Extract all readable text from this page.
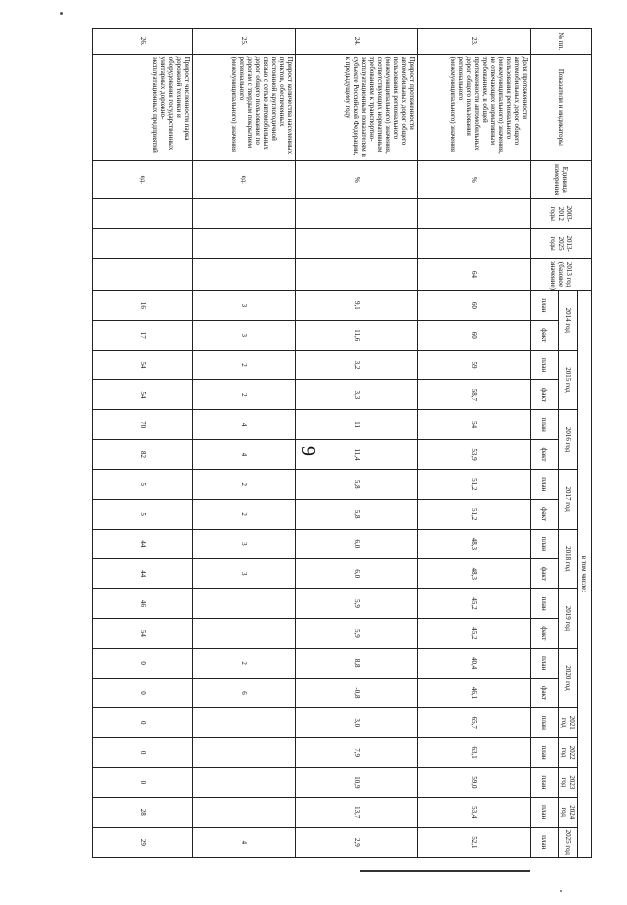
9
№ пп.	Показатели и индикаторы	Единица измерения	2003-2012 годы	2013-2025 годы	2013 год (базовое значение)	в том числе:																		
						2014 год		2015 год		2016 год		2017 год		2018 год		2019 год		2020 год		2021 год	2022 год	2023 год	2024 год	2025 год
						план	факт	план	факт	план	факт	план	факт	план	факт	план	факт	план	факт	план	план	план	план	план
23.	Доля протяженности автомобильных дорог общего пользования регионального (межмуниципального) значения, не отвечающих нормативным требованиям, в общей протяженности автомобильных дорог общего пользования регионального (межмуниципального) значения	%			64	60	60	59	58,7	54	53,9	51,2	51,2	48,3	48,3	45,2	45,2	40,4	46,1	65,7	63,1	59,0	53,4	52,1
24.	Прирост протяженности автомобильных дорог общего пользования регионального (межмуниципального) значения, соответствующих нормативным требованиям к транспортно-эксплуатационным показателям в субъекте Российской Федерации, к предыдущему году	%				9,1	11,6	3,2	3,3	11	11,4	5,8	5,8	6,0	6,0	5,9	5,9	8,8	-0,8	3,0	7,9	10,9	13,7	2,9
25.	Прирост количества населенных пунктов, обеспеченных постоянной круглогодичной связью с сетью автомобильных дорог общего пользования по дорогам с твердым покрытием регионального (межмуниципального) значения	ед.				3	3	2	2	4	4	2	2	3	3			2	6					4
26.	Прирост численности парка дорожной техники и оборудования государственных унитарных дорожно-эксплуатационных предприятий	ед.				16	17	54	54	70	82	5	5	44	44	46	54	0	0	0	0	0	28	29
